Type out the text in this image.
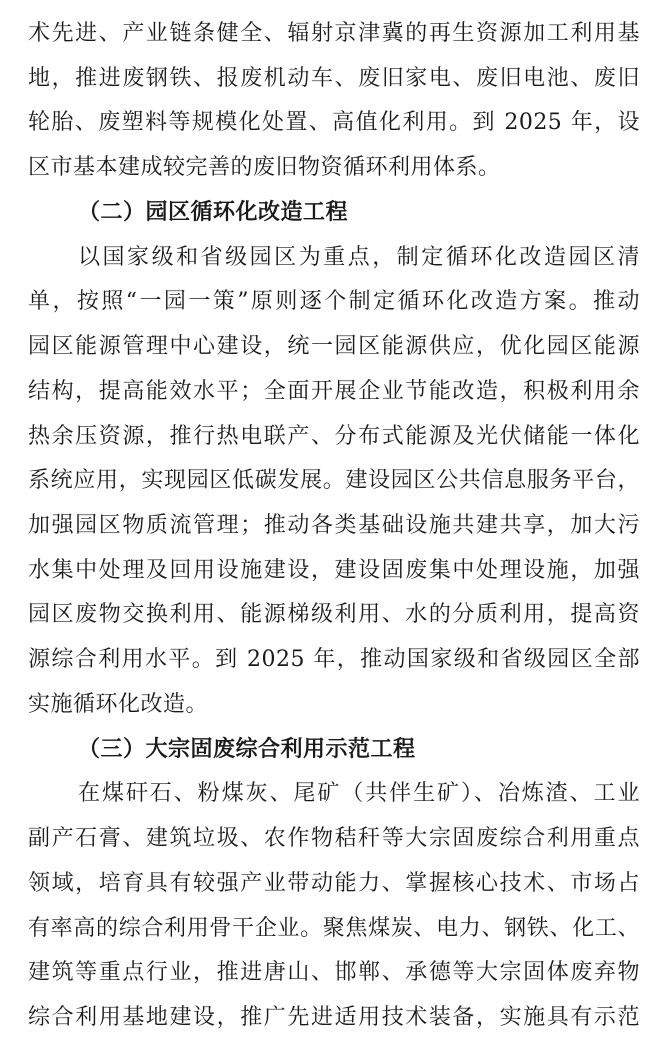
术先进、产业链条健全、辐射京津冀的再生资源加工利用基
地，推进废钢铁、报废机动车、废旧家电、废旧电池、废旧
轮胎、废塑料等规模化处置、高值化利用。到 2025 年，设
区市基本建成较完善的废旧物资循环利用体系。
（二）园区循环化改造工程
以国家级和省级园区为重点，制定循环化改造园区清
单，按照“一园一策”原则逐个制定循环化改造方案。推动
园区能源管理中心建设，统一园区能源供应，优化园区能源
结构，提高能效水平；全面开展企业节能改造，积极利用余
热余压资源，推行热电联产、分布式能源及光伏储能一体化
系统应用，实现园区低碳发展。建设园区公共信息服务平台，
加强园区物质流管理；推动各类基础设施共建共享，加大污
水集中处理及回用设施建设，建设固废集中处理设施，加强
园区废物交换利用、能源梯级利用、水的分质利用，提高资
源综合利用水平。到 2025 年，推动国家级和省级园区全部
实施循环化改造。
（三）大宗固废综合利用示范工程
在煤矸石、粉煤灰、尾矿（共伴生矿）、冶炼渣、工业
副产石膏、建筑垃圾、农作物秸秆等大宗固废综合利用重点
领域，培育具有较强产业带动能力、掌握核心技术、市场占
有率高的综合利用骨干企业。聚焦煤炭、电力、钢铁、化工、
建筑等重点行业，推进唐山、邯郸、承德等大宗固体废弃物
综合利用基地建设，推广先进适用技术装备，实施具有示范
